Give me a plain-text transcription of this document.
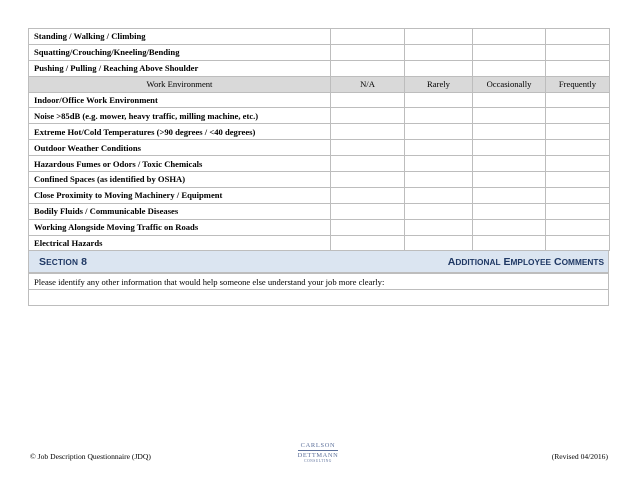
Standing / Walking / Climbing				
Squatting/Crouching/Kneeling/Bending				
Pushing / Pulling / Reaching Above Shoulder				
Work Environment	N/A	Rarely	Occasionally	Frequently
Indoor/Office Work Environment				
Noise >85dB (e.g. mower, heavy traffic, milling machine, etc.)				
Extreme Hot/Cold Temperatures (>90 degrees / <40 degrees)				
Outdoor Weather Conditions				
Hazardous Fumes or Odors / Toxic Chemicals				
Confined Spaces (as identified by OSHA)				
Close Proximity to Moving Machinery / Equipment				
Bodily Fluids / Communicable Diseases				
Working Alongside Moving Traffic on Roads				
Electrical Hazards				
SECTION 8	ADDITIONAL EMPLOYEE COMMENTS
Please identify any other information that would help someone else understand your job more clearly:

© Job Description Questionnaire (JDQ)
CARLSON
DETTMANN
CONSULTING	(Revised 04/2016)
